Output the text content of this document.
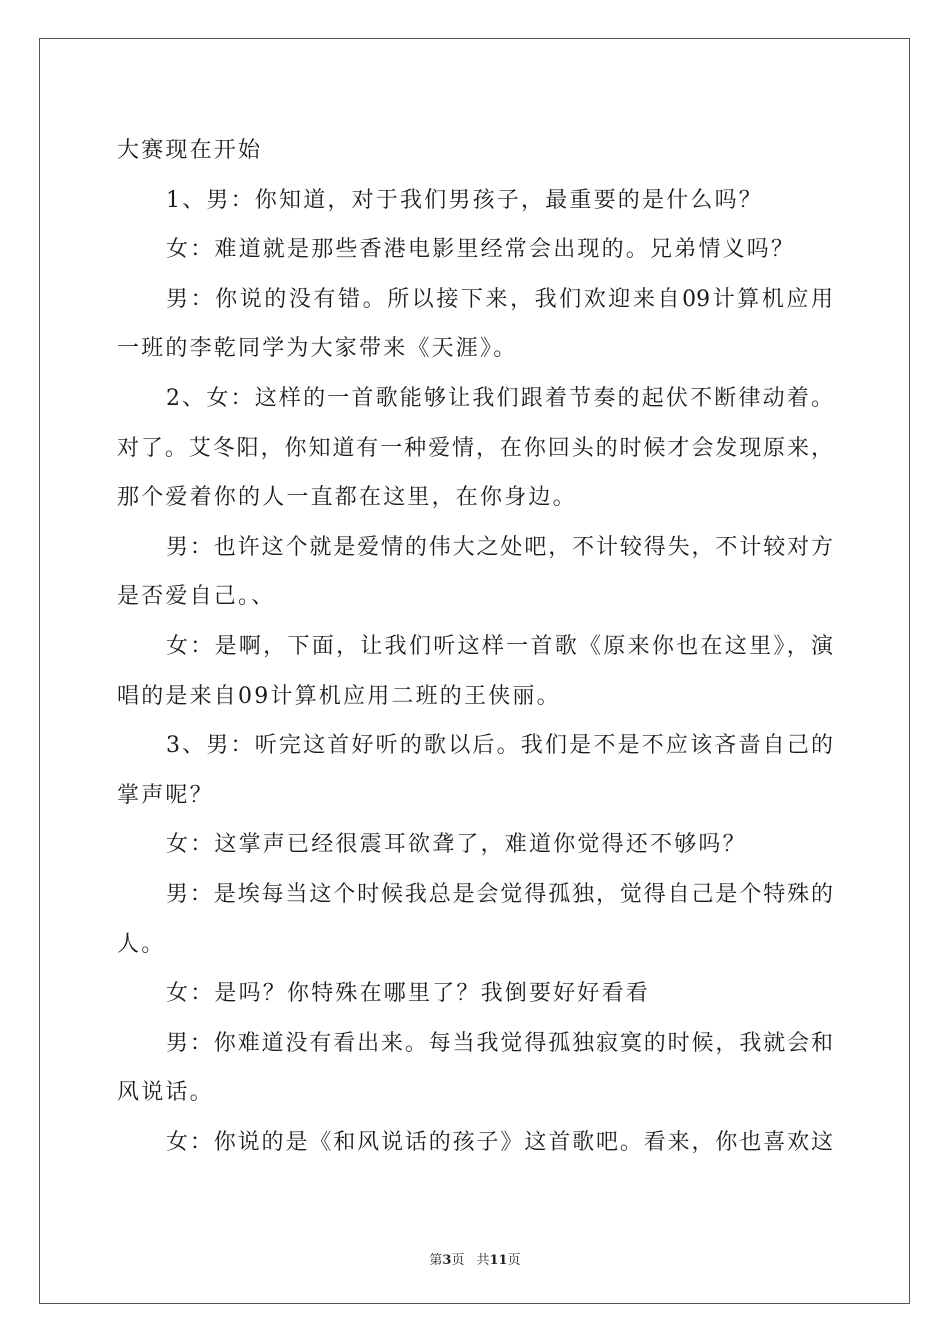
大赛现在开始
1、男：你知道，对于我们男孩子，最重要的是什么吗？
女：难道就是那些香港电影里经常会出现的。兄弟情义吗？
男：你说的没有错。所以接下来，我们欢迎来自09计算机应用
一班的李乾同学为大家带来《天涯》。
2、女：这样的一首歌能够让我们跟着节奏的起伏不断律动着。
对了。艾冬阳，你知道有一种爱情，在你回头的时候才会发现原来，
那个爱着你的人一直都在这里，在你身边。
男：也许这个就是爱情的伟大之处吧，不计较得失，不计较对方
是否爱自己。、
女：是啊，下面，让我们听这样一首歌《原来你也在这里》，演
唱的是来自09计算机应用二班的王侠丽。
3、男：听完这首好听的歌以后。我们是不是不应该吝啬自己的
掌声呢？
女：这掌声已经很震耳欲聋了，难道你觉得还不够吗？
男：是埃每当这个时候我总是会觉得孤独，觉得自己是个特殊的
人。
女：是吗？你特殊在哪里了？我倒要好好看看
男：你难道没有看出来。每当我觉得孤独寂寞的时候，我就会和
风说话。
女：你说的是《和风说话的孩子》这首歌吧。看来，你也喜欢这
第3页 共11页
